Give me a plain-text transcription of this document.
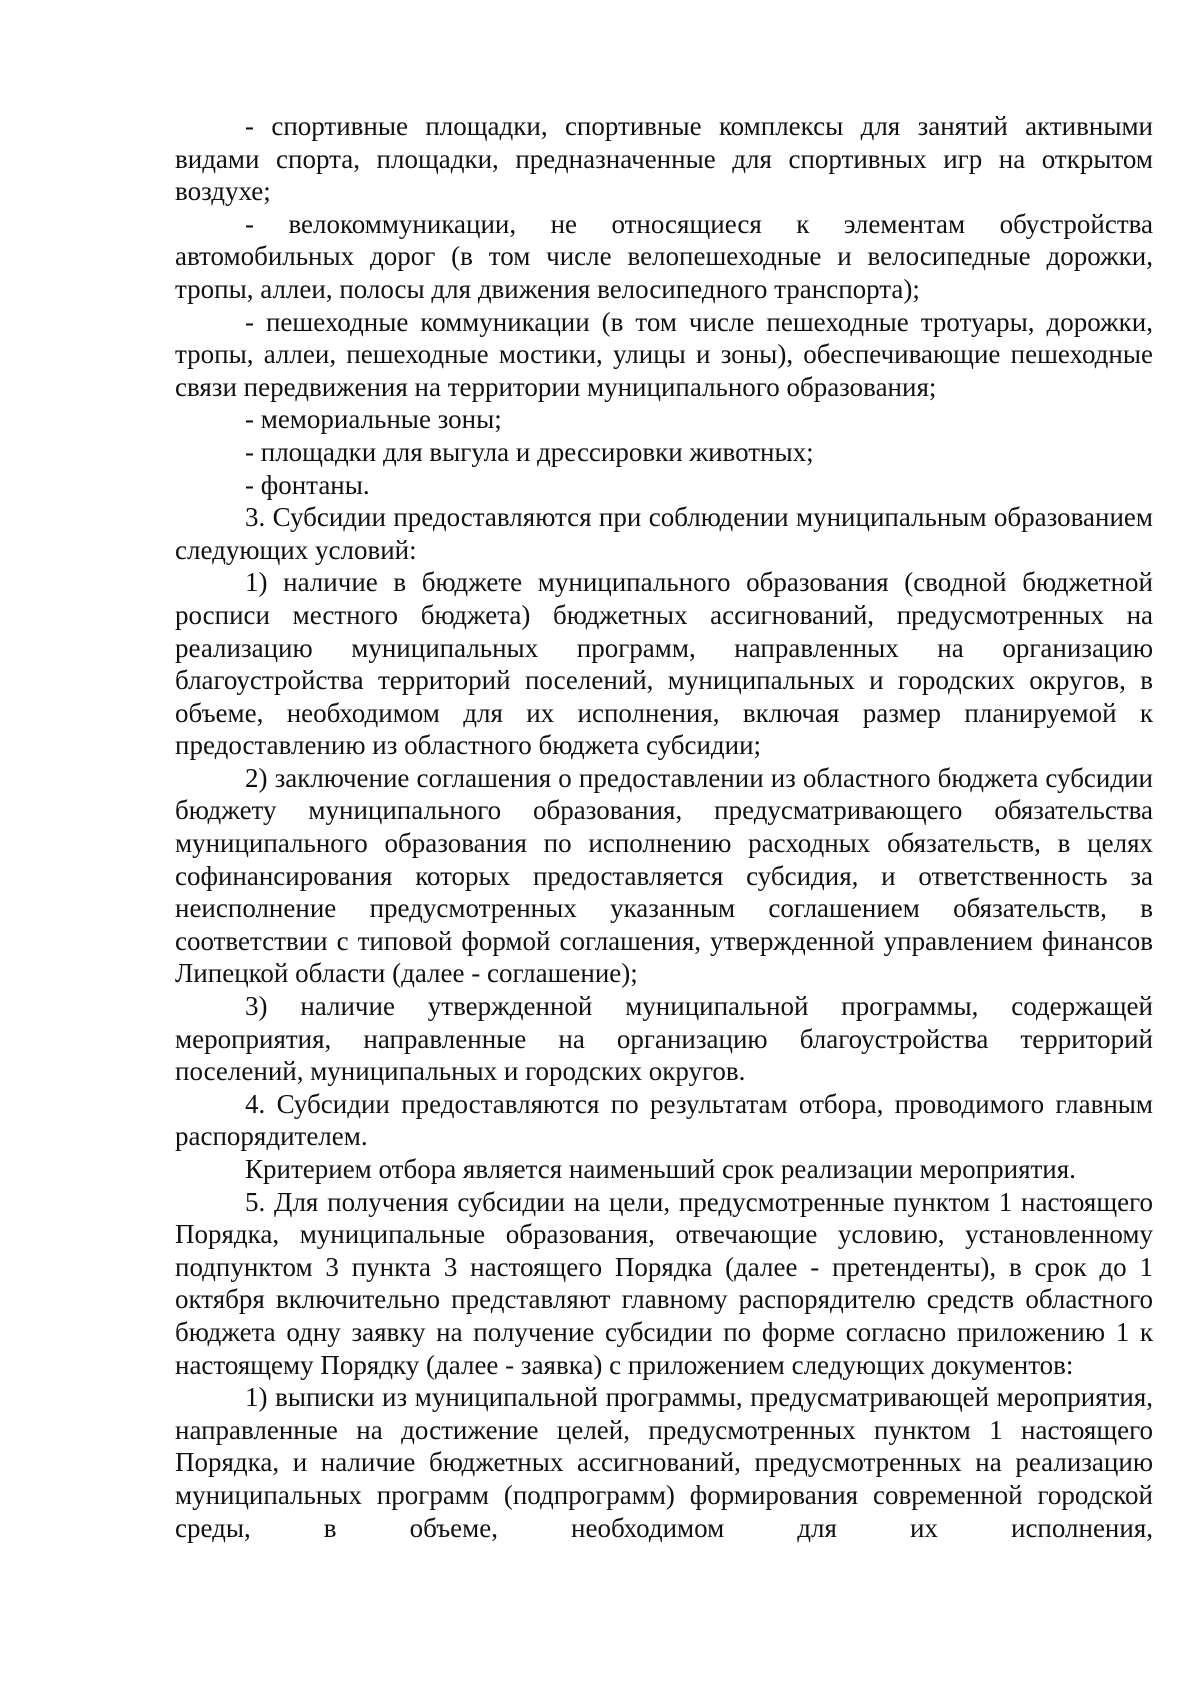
- спортивные площадки, спортивные комплексы для занятий активными видами спорта, площадки, предназначенные для спортивных игр на открытом воздухе;

- велокоммуникации, не относящиеся к элементам обустройства автомобильных дорог (в том числе велопешеходные и велосипедные дорожки, тропы, аллеи, полосы для движения велосипедного транспорта);

- пешеходные коммуникации (в том числе пешеходные тротуары, дорожки, тропы, аллеи, пешеходные мостики, улицы и зоны), обеспечивающие пешеходные связи передвижения на территории муниципального образования;

- мемориальные зоны;

- площадки для выгула и дрессировки животных;

- фонтаны.

3. Субсидии предоставляются при соблюдении муниципальным образованием следующих условий:

1) наличие в бюджете муниципального образования (сводной бюджетной росписи местного бюджета) бюджетных ассигнований, предусмотренных на реализацию муниципальных программ, направленных на организацию благоустройства территорий поселений, муниципальных и городских округов, в объеме, необходимом для их исполнения, включая размер планируемой к предоставлению из областного бюджета субсидии;

2) заключение соглашения о предоставлении из областного бюджета субсидии бюджету муниципального образования, предусматривающего обязательства муниципального образования по исполнению расходных обязательств, в целях софинансирования которых предоставляется субсидия, и ответственность за неисполнение предусмотренных указанным соглашением обязательств, в соответствии с типовой формой соглашения, утвержденной управлением финансов Липецкой области (далее - соглашение);

3) наличие утвержденной муниципальной программы, содержащей мероприятия, направленные на организацию благоустройства территорий поселений, муниципальных и городских округов.

4. Субсидии предоставляются по результатам отбора, проводимого главным распорядителем.

Критерием отбора является наименьший срок реализации мероприятия.

5. Для получения субсидии на цели, предусмотренные пунктом 1 настоящего Порядка, муниципальные образования, отвечающие условию, установленному подпунктом 3 пункта 3 настоящего Порядка (далее - претенденты), в срок до 1 октября включительно представляют главному распорядителю средств областного бюджета одну заявку на получение субсидии по форме согласно приложению 1 к настоящему Порядку (далее - заявка) с приложением следующих документов:

1) выписки из муниципальной программы, предусматривающей мероприятия, направленные на достижение целей, предусмотренных пунктом 1 настоящего Порядка, и наличие бюджетных ассигнований, предусмотренных на реализацию муниципальных программ (подпрограмм) формирования современной городской среды, в объеме, необходимом для их исполнения,
